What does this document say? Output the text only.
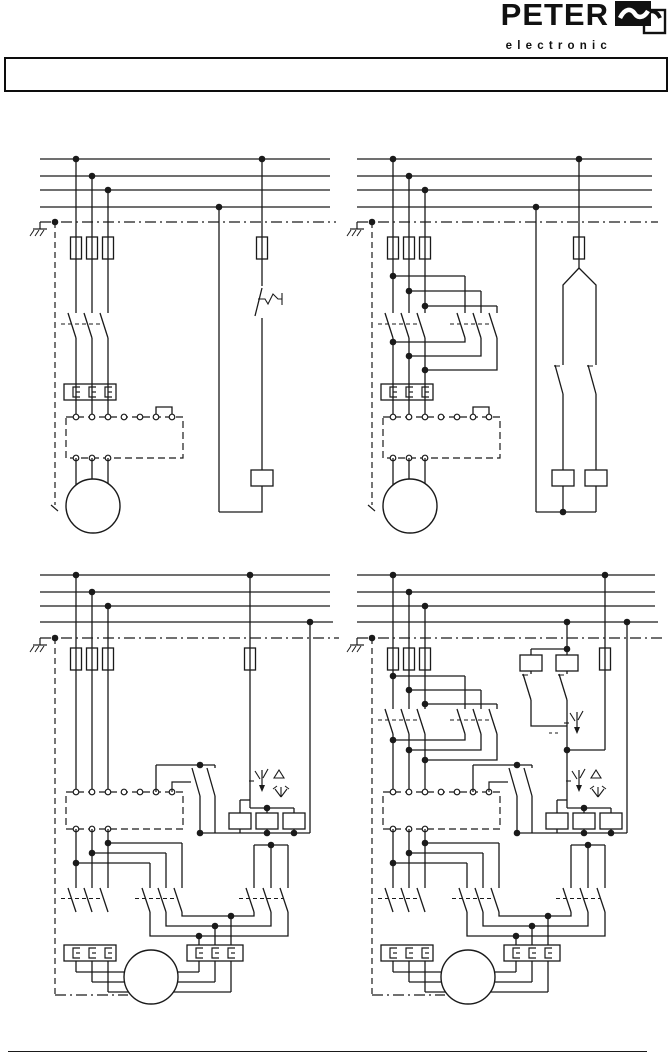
PETER
electronic
